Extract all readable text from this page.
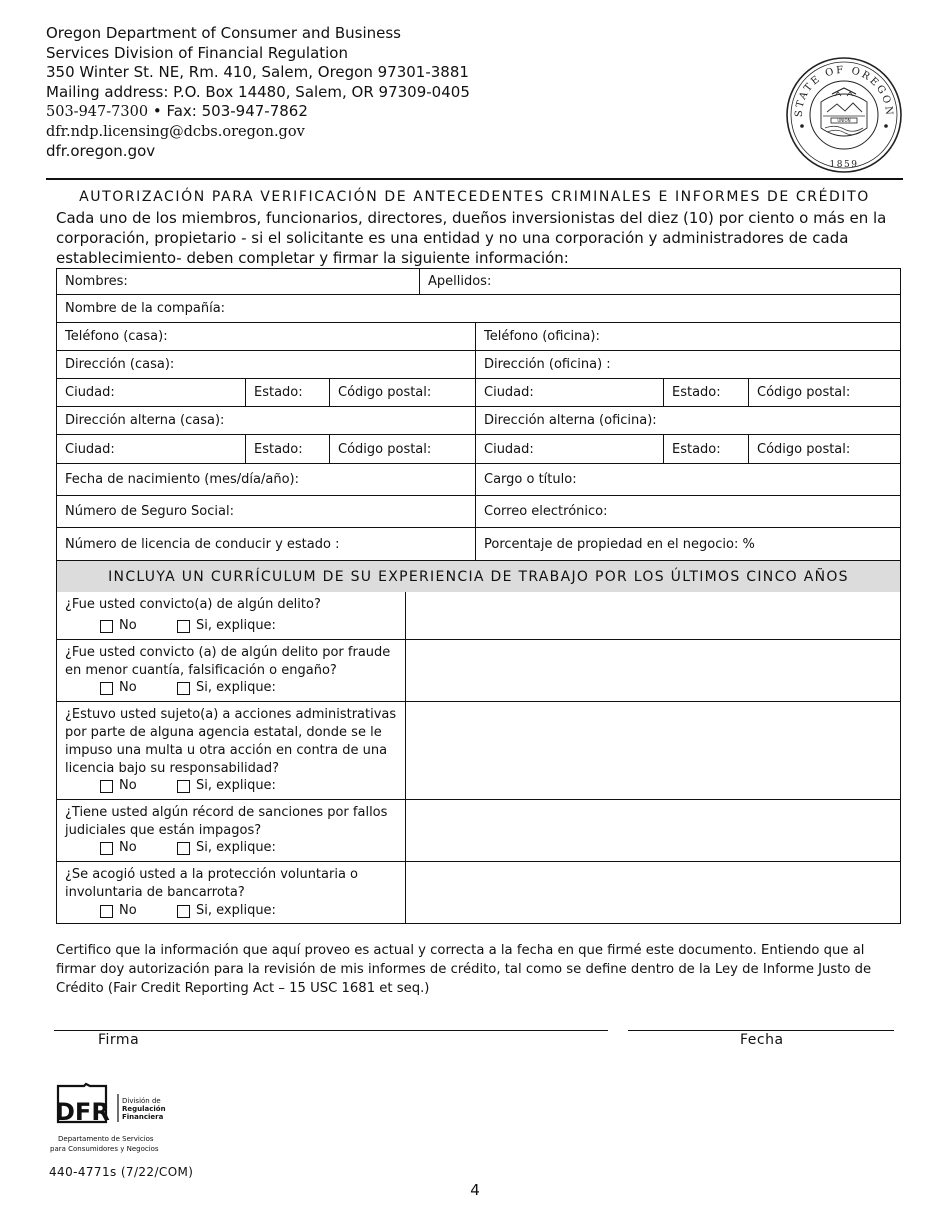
Oregon Department of Consumer and Business
Services Division of Financial Regulation
350 Winter St. NE, Rm. 410, Salem, Oregon 97301-3881
Mailing address: P.O. Box 14480, Salem, OR 97309-0405
503-947-7300 • Fax: 503-947-7862
dfr.ndp.licensing@dcbs.oregon.gov
dfr.oregon.gov
STATE OF OREGON
1859
UNION
AUTORIZACIÓN PARA VERIFICACIÓN DE ANTECEDENTES CRIMINALES E INFORMES DE CRÉDITO
Cada uno de los miembros, funcionarios, directores, dueños inversionistas del diez (10) por ciento o más en la corporación, propietario - si el solicitante es una entidad y no una corporación y administradores de cada establecimiento- deben completar y firmar la siguiente información:
Nombres:	Apellidos:
Nombre de la compañía:
Teléfono (casa):	Teléfono (oficina):
Dirección (casa):	Dirección (oficina) :
Ciudad:	Estado:	Código postal:	Ciudad:	Estado:	Código postal:
Dirección alterna (casa):	Dirección alterna (oficina):
Ciudad:	Estado:	Código postal:	Ciudad:	Estado:	Código postal:
Fecha de nacimiento (mes/día/año):	Cargo o título:
Número de Seguro Social:	Correo electrónico:
Número de licencia de conducir y estado :	Porcentaje de propiedad en el negocio: %
INCLUYA UN CURRÍCULUM DE SU EXPERIENCIA DE TRABAJO POR LOS ÚLTIMOS CINCO AÑOS
¿Fue usted convicto(a) de algún delito?
No	Si, explique:
¿Fue usted convicto (a) de algún delito por fraude en menor cuantía, falsificación o engaño?
No	Si, explique:
¿Estuvo usted sujeto(a) a acciones administrativas por parte de alguna agencia estatal, donde se le impuso una multa u otra acción en contra de una licencia bajo su responsabilidad?
No	Si, explique:
¿Tiene usted algún récord de sanciones por fallos judiciales que están impagos?
No	Si, explique:
¿Se acogió usted a la protección voluntaria o involuntaria de bancarrota?
No	Si, explique:
Certifico que la información que aquí proveo es actual y correcta a la fecha en que firmé este documento. Entiendo que al firmar doy autorización para la revisión de mis informes de crédito, tal como se define dentro de la Ley de Informe Justo de Crédito (Fair Credit Reporting Act – 15 USC 1681 et seq.)
Firma	Fecha
DFR División de
Regulación
Financiera
Departamento de Servicios
para Consumidores y Negocios
440-4771s (7/22/COM)
4
